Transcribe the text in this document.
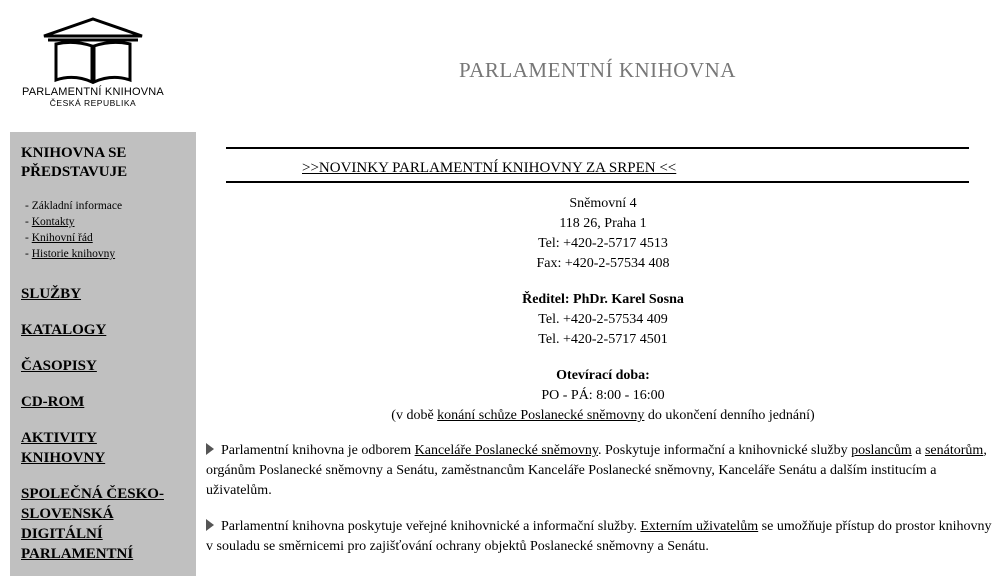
PARLAMENTNÍ KNIHOVNA
ČESKÁ REPUBLIKA
PARLAMENTNÍ KNIHOVNA
KNIHOVNA SE
PŘEDSTAVUJE
- Základní informace
- Kontakty
- Knihovní řád
- Historie knihovny
SLUŽBY
KATALOGY
ČASOPISY
CD-ROM
AKTIVITY
KNIHOVNY
SPOLEČNÁ ČESKO-
SLOVENSKÁ
DIGITÁLNÍ
PARLAMENTNÍ
>>NOVINKY PARLAMENTNÍ KNIHOVNY ZA SRPEN <<
Sněmovní 4
118 26, Praha 1
Tel: +420-2-5717 4513
Fax: +420-2-57534 408
Ředitel: PhDr. Karel Sosna
Tel. +420-2-57534 409
Tel. +420-2-5717 4501
Otevírací doba:
PO - PÁ: 8:00 - 16:00
(v době konání schůze Poslanecké sněmovny do ukončení denního jednání)
Parlamentní knihovna je odborem Kanceláře Poslanecké sněmovny. Poskytuje informační a knihovnické služby poslancům a senátorům, orgánům Poslanecké sněmovny a Senátu, zaměstnancům Kanceláře Poslanecké sněmovny, Kanceláře Senátu a dalším institucím a uživatelům.
Parlamentní knihovna poskytuje veřejné knihovnické a informační služby. Externím uživatelům se umožňuje přístup do prostor knihovny v souladu se směrnicemi pro zajišťování ochrany objektů Poslanecké sněmovny a Senátu.
